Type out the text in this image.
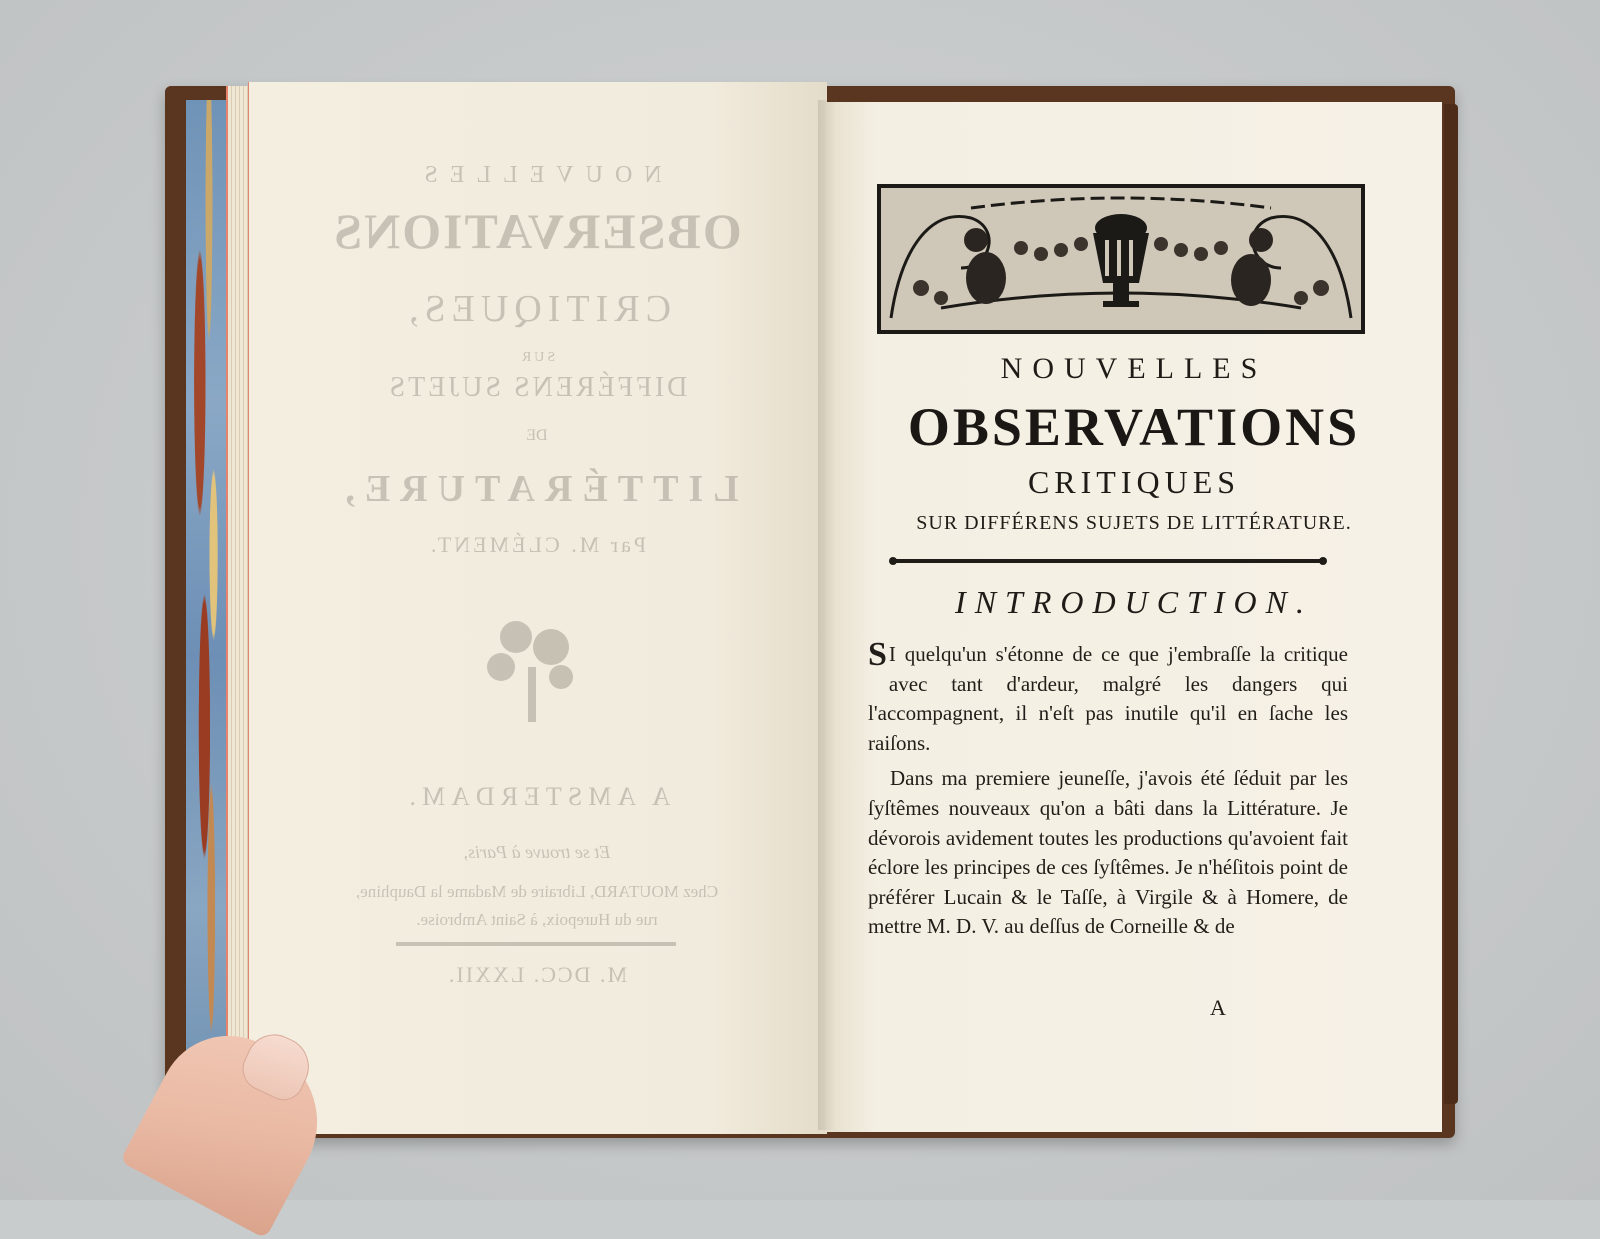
NOUVELLES
OBSERVATIONS
CRITIQUES,
SUR
DIFFÉRENS SUJETS
DE
LITTÉRATURE,
Par M. CLÉMENT.
A AMSTERDAM.
Et se trouve à Paris,
Chez MOUTARD, Libraire de Madame la Dauphine,
rue du Hurepoix, à Saint Ambroise.
M. DCC. LXXII.
NOUVELLES
OBSERVATIONS
CRITIQUES
SUR DIFFÉRENS SUJETS DE LITTÉRATURE.
INTRODUCTION.

S I quelqu'un s'étonne de ce que j'embraſſe la critique avec tant d'ardeur, malgré les dangers qui l'accompagnent, il n'eſt pas inutile qu'il en ſache les raiſons.

Dans ma premiere jeuneſſe, j'avois été ſéduit par les ſyſtêmes nouveaux qu'on a bâti dans la Littérature. Je dévorois avidement toutes les productions qu'avoient fait éclore les principes de ces ſyſtêmes. Je n'héſitois point de préférer Lucain & le Taſſe, à Virgile & à Homere, de mettre M. D. V. au deſſus de Corneille & de

A
